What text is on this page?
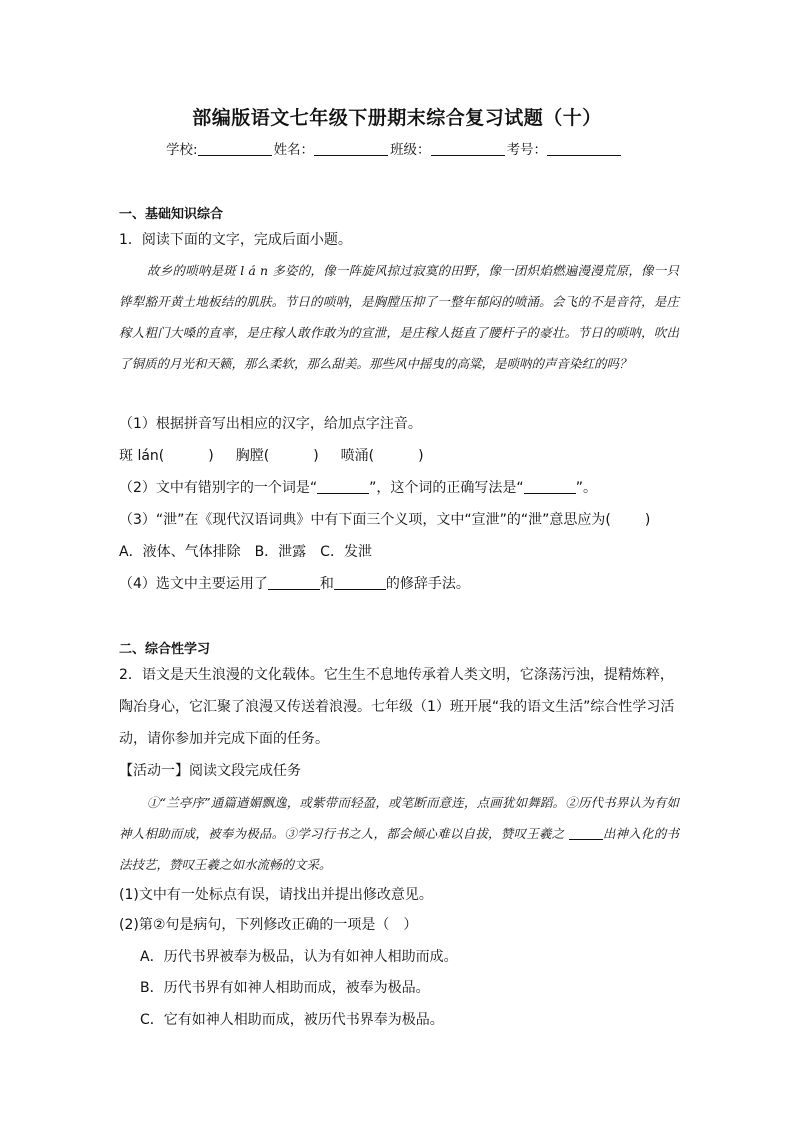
部编版语文七年级下册期末综合复习试题（十）
学校:	姓名：	班级：	考号：
一、基础知识综合
1．阅读下面的文字，完成后面小题。

故乡的唢呐是斑 l á n 多姿的，像一阵旋风掠过寂寞的田野，像一团炽焰燃遍漫漫荒原，像一只铧犁豁开黄土地板结的肌肤。节日的唢呐，是胸膛压抑了一整年郁闷的喷涌。会飞的不是音符，是庄稼人粗门大嗓的直率，是庄稼人敢作敢为的宣泄，是庄稼人挺直了腰杆子的豪壮。节日的唢呐，吹出了铜质的月光和天籁，那么柔软，那么甜美。那些风中摇曳的高粱，是唢呐的声音染红的吗？

（1）根据拼音写出相应的汉字，给加点字注音。
斑 lán(	) 胸膛(	) 喷涌(	)
（2）文中有错别字的一个词是“	”，这个词的正确写法是“	”。
（3）“泄”在《现代汉语词典》中有下面三个义项，文中“宣泄”的“泄”意思应为( )
A．液体、气体排除　B．泄露　C．发泄
（4）选文中主要运用了	和	的修辞手法。
二、综合性学习
2．语文是天生浪漫的文化载体。它生生不息地传承着人类文明，它涤荡污浊，提精炼粹，
陶冶身心，它汇聚了浪漫又传送着浪漫。七年级（1）班开展“我的语文生活”综合性学习活
动，请你参加并完成下面的任务。
【活动一】阅读文段完成任务

①“兰亭序”通篇遒媚飘逸，或紫带而轻盈，或笔断而意连，点画犹如舞蹈。②历代书界认为有如神人相助而成，被奉为极品。③学习行书之人，都会倾心难以自拔，赞叹王羲之	出神入化的书法技艺，赞叹王羲之如水流畅的文采。

(1)文中有一处标点有误，请找出并提出修改意见。
(2)第②句是病句，下列修改正确的一项是（　）
A．历代书界被奉为极品，认为有如神人相助而成。
B．历代书界有如神人相助而成，被奉为极品。
C．它有如神人相助而成，被历代书界奉为极品。
